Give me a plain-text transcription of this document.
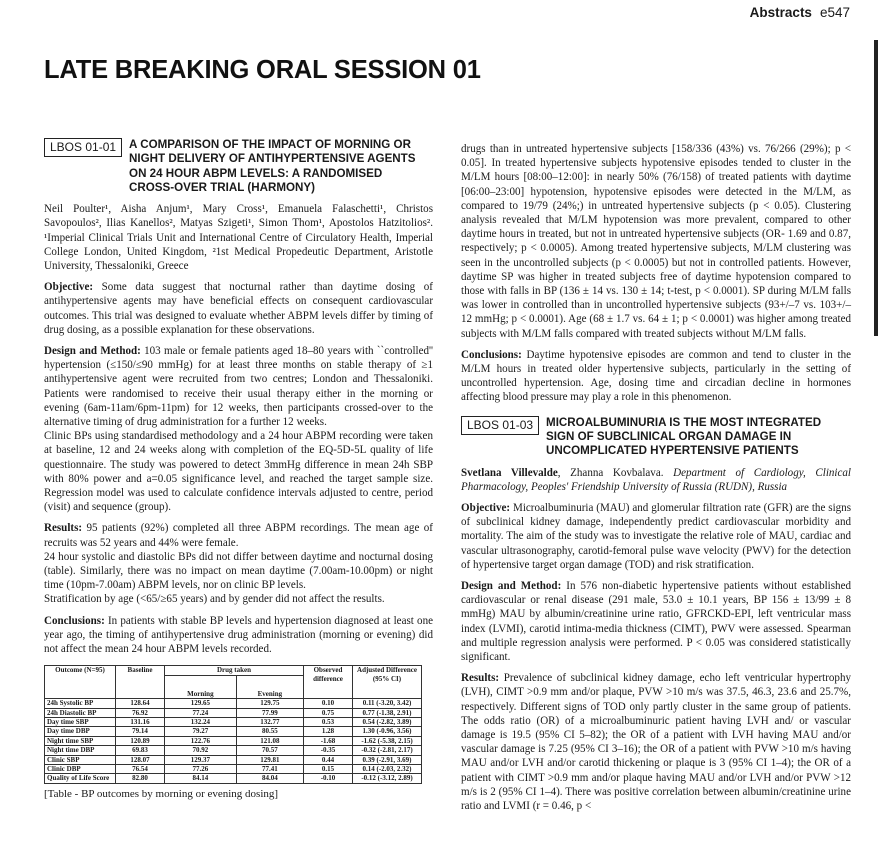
Abstracts e547
LATE BREAKING ORAL SESSION 01
LBOS 01-01	A COMPARISON OF THE IMPACT OF MORNING OR
NIGHT DELIVERY OF ANTIHYPERTENSIVE AGENTS
ON 24 HOUR ABPM LEVELS: A RANDOMISED
CROSS-OVER TRIAL (HARMONY)

Neil Poulter¹, Aisha Anjum¹, Mary Cross¹, Emanuela Falaschetti¹, Christos Savopoulos², Ilias Kanellos², Matyas Szigeti¹, Simon Thom¹, Apostolos Hatzitolios². ¹Imperial Clinical Trials Unit and International Centre of Circulatory Health, Imperial College London, United Kingdom, ²1st Medical Propedeutic Department, Aristotle University, Thessaloniki, Greece

Objective: Some data suggest that nocturnal rather than daytime dosing of antihypertensive agents may have beneficial effects on consequent cardiovascular outcomes. This trial was designed to evaluate whether ABPM levels differ by timing of drug dosing, as a possible explanation for these observations.

Design and Method: 103 male or female patients aged 18–80 years with ``controlled'' hypertension (≤150/≤90 mmHg) for at least three months on stable therapy of ≥1 antihypertensive agent were recruited from two centres; London and Thessaloniki. Patients were randomised to receive their usual therapy either in the morning or evening (6am-11am/6pm-11pm) for 12 weeks, then participants crossed-over to the alternative timing of drug administration for a further 12 weeks.

Clinic BPs using standardised methodology and a 24 hour ABPM recording were taken at baseline, 12 and 24 weeks along with completion of the EQ-5D-5L quality of life questionnaire. The study was powered to detect 3mmHg difference in mean 24h SBP with 80% power and a=0.05 significance level, and reached the target sample size. Regression model was used to calculate confidence intervals adjusted to centre, period (visit) and sequence (group).

Results: 95 patients (92%) completed all three ABPM recordings. The mean age of recruits was 52 years and 44% were female.

24 hour systolic and diastolic BPs did not differ between daytime and nocturnal dosing (table). Similarly, there was no impact on mean daytime (7.00am-10.00pm) or night time (10pm-7.00am) ABPM levels, nor on clinic BP levels.

Stratification by age (<65/≥65 years) and by gender did not affect the results.

Conclusions: In patients with stable BP levels and hypertension diagnosed at least one year ago, the timing of antihypertensive drug administration (morning or evening) did not affect the mean 24 hour ABPM levels recorded.

Outcome (N=95)	Baseline	Drug taken		Observed difference	Adjusted Difference (95% CI)
		Morning	Evening		
24h Systolic BP	128.64	129.65	129.75	0.10	0.11 (-3.20, 3.42)
24h Diastolic BP	76.92	77.24	77.99	0.75	0.77 (-1.38, 2.91)
Day time SBP	131.16	132.24	132.77	0.53	0.54 (-2.82, 3.89)
Day time DBP	79.14	79.27	80.55	1.28	1.30 (-0.96, 3.56)
Night time SBP	120.89	122.76	121.08	-1.68	-1.62 (-5.38, 2.15)
Night time DBP	69.83	70.92	70.57	-0.35	-0.32 (-2.81, 2.17)
Clinic SBP	128.07	129.37	129.81	0.44	0.39 (-2.91, 3.69)
Clinic DBP	76.54	77.26	77.41	0.15	0.14 (-2.03, 2.32)
Quality of Life Score	82.80	84.14	84.04	-0.10	-0.12 (-3.12, 2.89)
[Table - BP outcomes by morning or evening dosing]

drugs than in untreated hypertensive subjects [158/336 (43%) vs. 76/266 (29%); p < 0.05]. In treated hypertensive subjects hypotensive episodes tended to cluster in the M/LM hours [08:00–12:00]: in nearly 50% (76/158) of treated patients with daytime [06:00–23:00] hypotension, hypotensive episodes were detected in the M/LM, as compared to 19/79 (24%;) in untreated hypertensive subjects (p < 0.05). Clustering analysis revealed that M/LM hypotension was more prevalent, compared to other daytime hours in treated, but not in untreated hypertensive subjects (OR- 1.69 and 0.87, respectively; p < 0.0005). Among treated hypertensive subjects, M/LM clustering was seen in the uncontrolled subjects (p < 0.0005) but not in controlled patients. However, daytime SP was higher in treated subjects free of daytime hypotension compared to those with falls in BP (136 ± 14 vs. 130 ± 14; t-test, p < 0.0001). SP during M/LM falls was lower in controlled than in uncontrolled hypertensive subjects (93+/–7 vs. 103+/–12 mmHg; p < 0.0001). Age (68 ± 1.7 vs. 64 ± 1; p < 0.0001) was higher among treated subjects with M/LM falls compared with treated subjects without M/LM falls.

Conclusions: Daytime hypotensive episodes are common and tend to cluster in the M/LM hours in treated older hypertensive subjects, particularly in the setting of uncontrolled hypertension. Age, dosing time and circadian decline in hormones affecting blood pressure may play a role in this phenomenon.

LBOS 01-03	MICROALBUMINURIA IS THE MOST INTEGRATED
SIGN OF SUBCLINICAL ORGAN DAMAGE IN
UNCOMPLICATED HYPERTENSIVE PATIENTS

Svetlana Villevalde, Zhanna Kovbalava. Department of Cardiology, Clinical Pharmacology, Peoples' Friendship University of Russia (RUDN), Russia

Objective: Microalbuminuria (MAU) and glomerular filtration rate (GFR) are the signs of subclinical kidney damage, independently predict cardiovascular morbidity and mortality. The aim of the study was to investigate the relative role of MAU, cardiac and vascular ultrasonography, carotid-femoral pulse wave velocity (PWV) for the detection of hypertensive target organ damage (TOD) and risk stratification.

Design and Method: In 576 non-diabetic hypertensive patients without established cardiovascular or renal disease (291 male, 53.0 ± 10.1 years, BP 156 ± 13/99 ± 8 mmHg) MAU by albumin/creatinine urine ratio, GFRCKD-EPI, left ventricular mass index (LVMI), carotid intima-media thickness (CIMT), PWV were assessed. Spearman and multiple regression analysis were performed. P < 0.05 was considered statistically significant.

Results: Prevalence of subclinical kidney damage, echo left ventricular hypertrophy (LVH), CIMT >0.9 mm and/or plaque, PVW >10 m/s was 37.5, 46.3, 23.6 and 25.7%, respectively. Different signs of TOD only partly cluster in the same group of patients. The odds ratio (OR) of a microalbuminuric patient having LVH and/ or vascular damage is 19.5 (95% CI 5–82); the OR of a patient with LVH having MAU and/or vascular damage is 7.25 (95% CI 3–16); the OR of a patient with PVW >10 m/s having MAU and/or LVH and/or carotid thickening or plaque is 3 (95% CI 1–4); the OR of a patient with CIMT >0.9 mm and/or plaque having MAU and/or LVH and/or PVW >12 m/s is 2 (95% CI 1–4). There was positive correlation between albumin/creatinine urine ratio and LVMI (r = 0.46, p <
